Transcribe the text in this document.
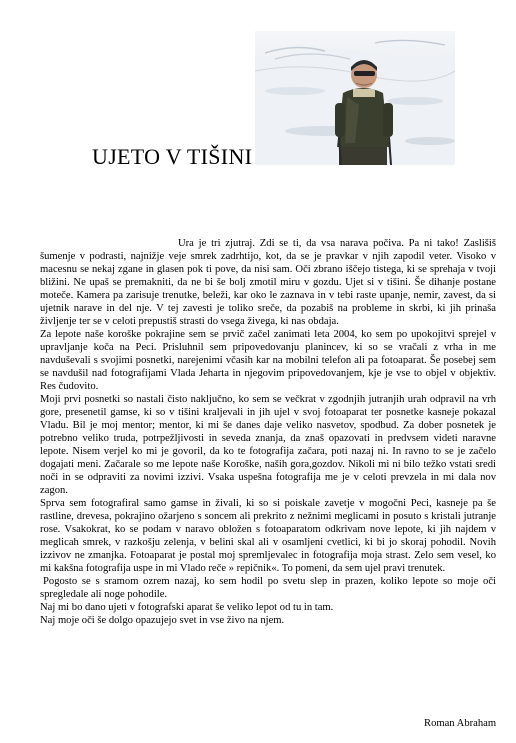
UJETO V TIŠINI

Ura je tri zjutraj. Zdi se ti, da vsa narava počiva. Pa ni tako! Zaslišiš šumenje v podrasti, najnižje veje smrek zadrhtijo, kot, da se je pravkar v njih zapodil veter. Visoko v macesnu se nekaj zgane in glasen pok ti pove, da nisi sam. Oči zbrano iščejo tistega, ki se sprehaja v tvoji bližini. Ne upaš se premakniti, da ne bi še bolj zmotil miru v gozdu. Ujet si v tišini. Še dihanje postane moteče. Kamera pa zarisuje trenutke, beleži, kar oko le zaznava in v tebi raste upanje, nemir, zavest, da si ujetnik narave in del nje. V tej zavesti je toliko sreče, da pozabiš na probleme in skrbi, ki jih prinaša življenje ter se v celoti prepustiš strasti do vsega živega, ki nas obdaja.

Za lepote naše koroške pokrajine sem se prvič začel zanimati leta 2004, ko sem po upokojitvi sprejel v upravljanje koča na Peci. Prisluhnil sem pripovedovanju planincev, ki so se vračali z vrha in me navduševali s svojimi posnetki, narejenimi včasih kar na mobilni telefon ali pa fotoaparat. Še posebej sem se navdušil nad fotografijami Vlada Jeharta in njegovim pripovedovanjem, kje je vse to objel v objektiv. Res čudovito.

Moji prvi posnetki so nastali čisto naključno, ko sem se večkrat v zgodnjih jutranjih urah odpravil na vrh gore, presenetil gamse, ki so v tišini kraljevali in jih ujel v svoj fotoaparat ter posnetke kasneje pokazal Vladu. Bil je moj mentor; mentor, ki mi še danes daje veliko nasvetov, spodbud. Za dober posnetek je potrebno veliko truda, potrpežljivosti in seveda znanja, da znaš opazovati in predvsem videti naravne lepote. Nisem verjel ko mi je govoril, da ko te fotografija začara, poti nazaj ni. In ravno to se je začelo dogajati meni. Začarale so me lepote naše Koroške, naših gora,gozdov. Nikoli mi ni bilo težko vstati sredi noči in se odpraviti za novimi izzivi. Vsaka uspešna fotografija me je v celoti prevzela in mi dala nov zagon.

Sprva sem fotografiral samo gamse in živali, ki so si poiskale zavetje v mogočni Peci, kasneje pa še rastline, drevesa, pokrajino ožarjeno s soncem ali prekrito z nežnimi meglicami in posuto s kristali jutranje rose. Vsakokrat, ko se podam v naravo obložen s fotoaparatom odkrivam nove lepote, ki jih najdem v meglicah smrek, v razkošju zelenja, v belini skal ali v osamljeni cvetlici, ki bi jo skoraj pohodil. Novih izzivov ne zmanjka. Fotoaparat je postal moj spremljevalec in fotografija moja strast. Zelo sem vesel, ko mi kakšna fotografija uspe in mi Vlado reče » repičnik«. To pomeni, da sem ujel pravi trenutek.

Pogosto se s sramom ozrem nazaj, ko sem hodil po svetu slep in prazen, koliko lepote so moje oči spregledale ali noge pohodile.

Naj mi bo dano ujeti v fotografski aparat še veliko lepot od tu in tam.

Naj moje oči še dolgo opazujejo svet in vse živo na njem.

Roman Abraham
